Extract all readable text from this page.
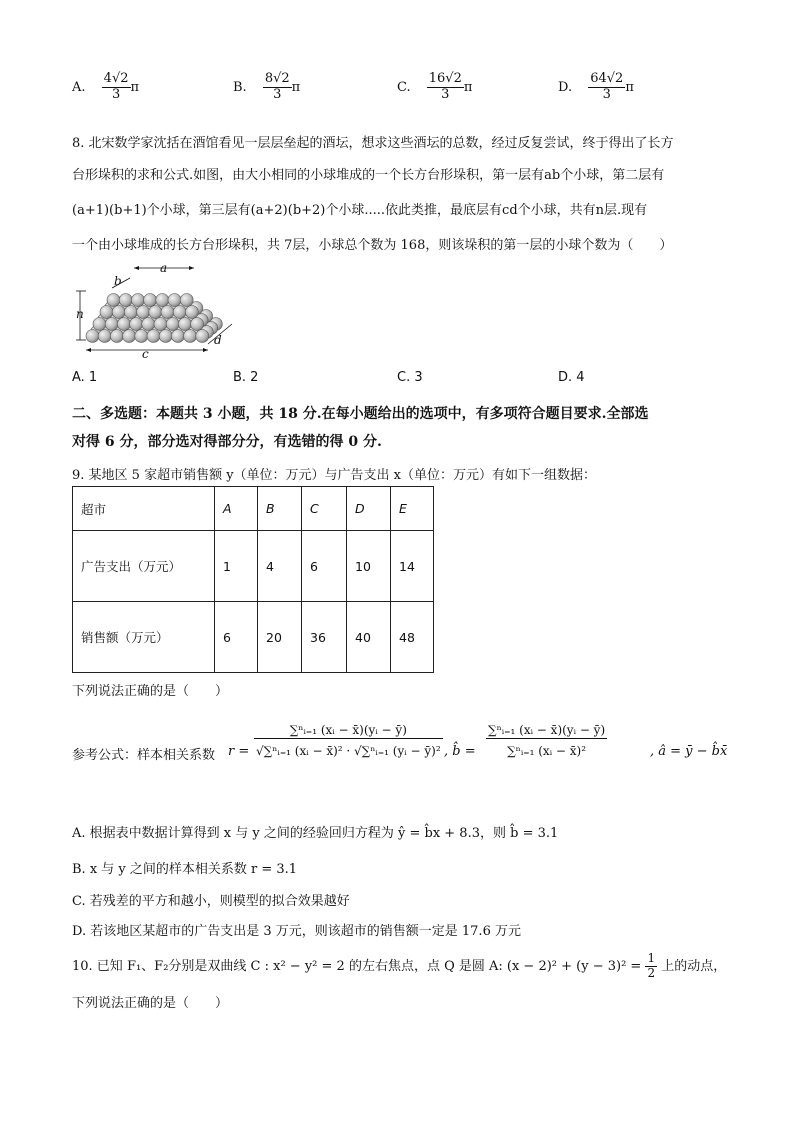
A. $\frac{4√2}{3}$ π	B. $\frac{8√2}{3}$ π	C. $\frac{16√2}{3}$ π	D. $\frac{64√2}{3}$ π
8. 北宋数学家沈括在酒馆看见一层层垒起的酒坛，想求这些酒坛的总数，经过反复尝试，终于得出了长方
台形垛积的求和公式.如图，由大小相同的小球堆成的一个长方台形垛积，第一层有ab个小球，第二层有
(a+1)(b+1)个小球，第三层有(a+2)(b+2)个小球.....依此类推，最底层有cd个小球，共有n层.现有
一个由小球堆成的长方台形垛积，共 7层，小球总个数为 168，则该垛积的第一层的小球个数为（　　）
a
b
n
c
d
A. 1	B. 2	C. 3	D. 4
二、多选题：本题共 3 小题，共 18 分.在每小题给出的选项中，有多项符合题目要求.全部选
对得 6 分，部分选对得部分分，有选错的得 0 分.
9. 某地区 5 家超市销售额 y（单位：万元）与广告支出 x（单位：万元）有如下一组数据：
超市	A	B	C	D	E
广告支出（万元）	1	4	6	10	14
销售额（万元）	6	20	36	40	48
下列说法正确的是（　　）
参考公式：样本相关系数 $r = \frac{\text{∑ⁿᵢ₌₁ (xᵢ − x̄)(yᵢ − ȳ)}}{\text{√∑ⁿᵢ₌₁ (xᵢ − x̄)² · √∑ⁿᵢ₌₁ (yᵢ − ȳ)²}}$ , b̂ = $\frac{\text{∑ⁿᵢ₌₁ (xᵢ − x̄)(yᵢ − ȳ)}}{\text{∑ⁿᵢ₌₁ (xᵢ − x̄)²}}$	, â = ȳ − b̂x̄
A. 根据表中数据计算得到 x 与 y 之间的经验回归方程为 ŷ = b̂x + 8.3，则 b̂ = 3.1
B. x 与 y 之间的样本相关系数 r = 3.1
C. 若残差的平方和越小，则模型的拟合效果越好
D. 若该地区某超市的广告支出是 3 万元，则该超市的销售额一定是 17.6 万元
10. 已知 F₁、F₂分别是双曲线 C : x² − y² = 2 的左右焦点，点 Q 是圆 A: $(x - 2)^2 + (y - 3)^2 = \frac{1}{2}$ 上的动点，
下列说法正确的是（　　）
